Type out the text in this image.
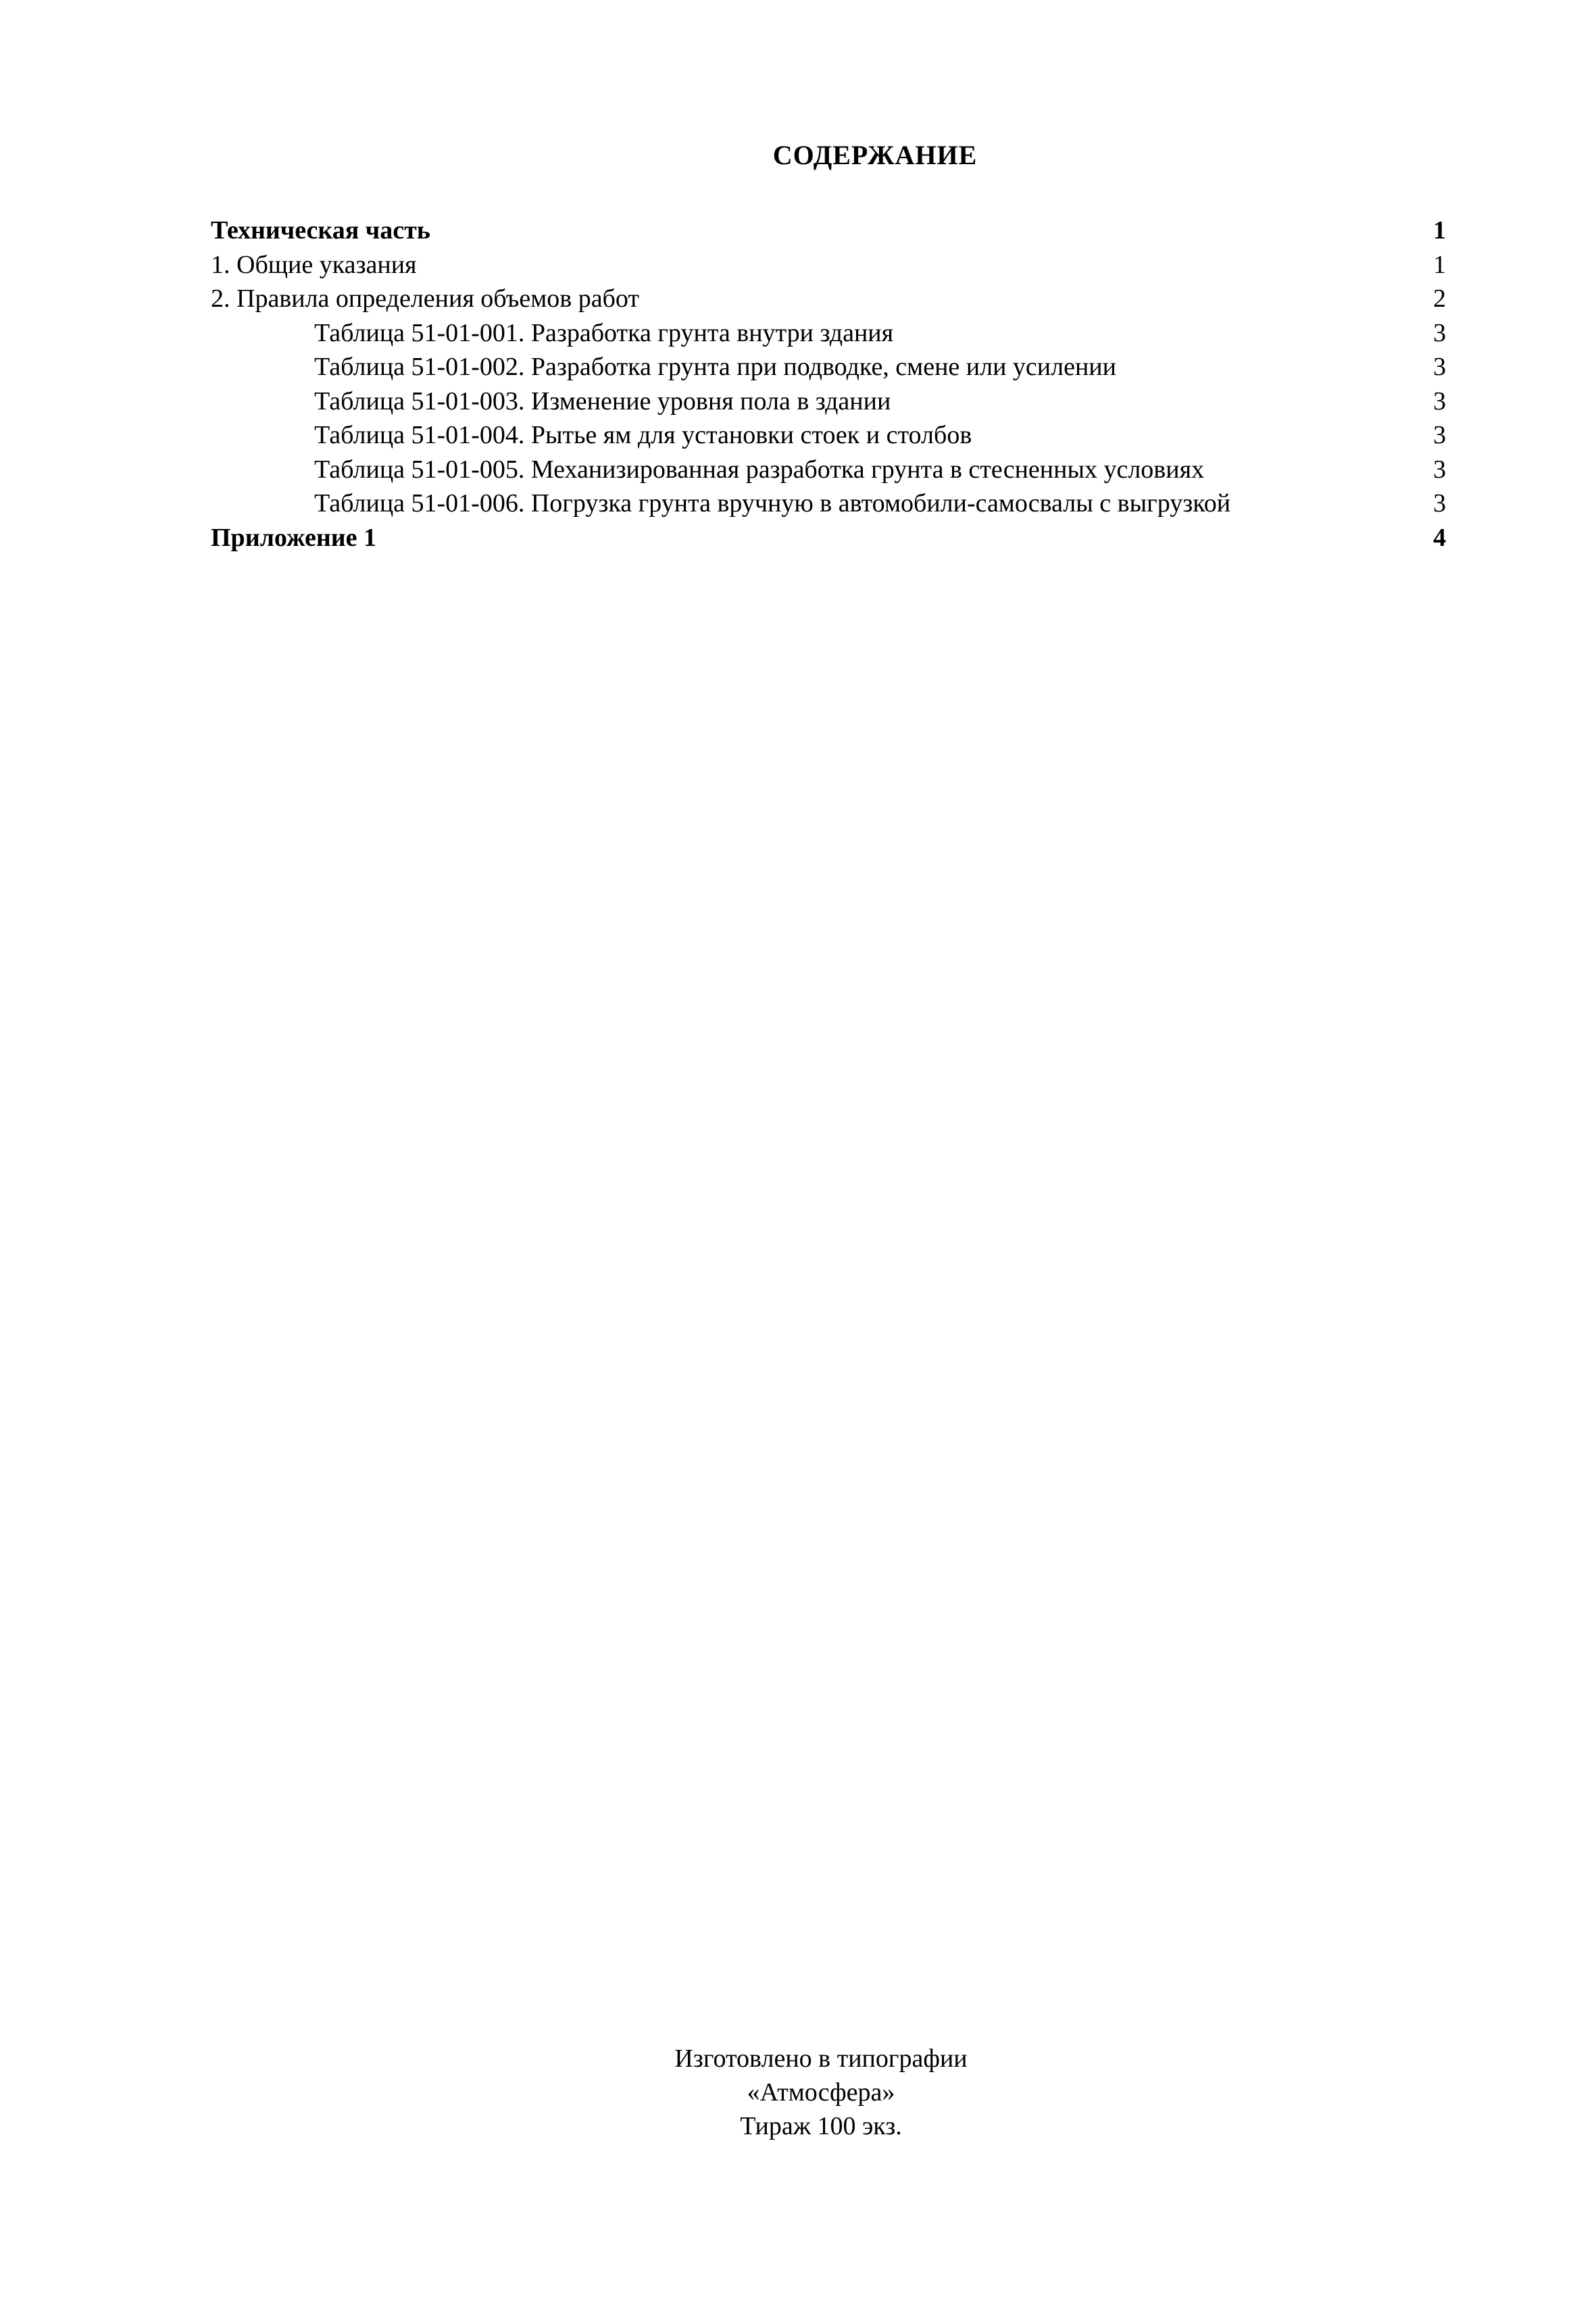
СОДЕРЖАНИЕ
Техническая часть	1
1. Общие указания	1
2. Правила определения объемов работ	2
Таблица 51-01-001. Разработка грунта внутри здания	3
Таблица 51-01-002. Разработка грунта при подводке, смене или усилении	3
Таблица 51-01-003. Изменение уровня пола в здании	3
Таблица 51-01-004. Рытье ям для установки стоек и столбов	3
Таблица 51-01-005. Механизированная разработка грунта в стесненных условиях	3
Таблица 51-01-006. Погрузка грунта вручную в автомобили-самосвалы с выгрузкой	3
Приложение 1	4
Изготовлено в типографии
«Атмосфера»
Тираж 100 экз.
